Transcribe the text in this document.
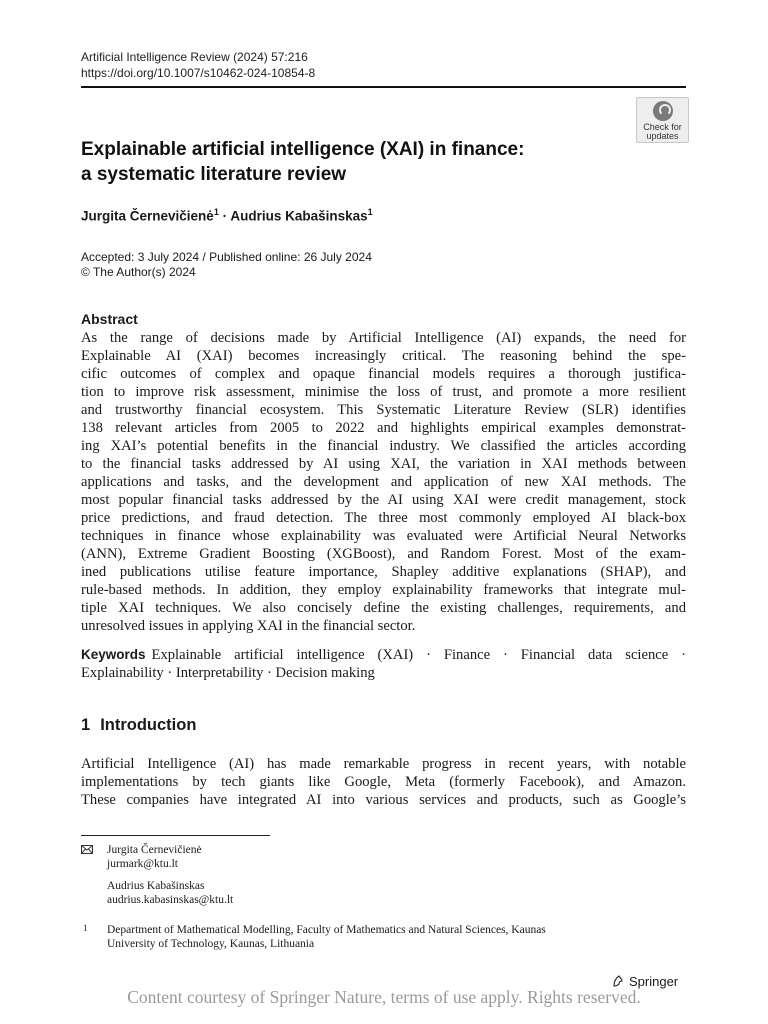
Artificial Intelligence Review (2024) 57:216
https://doi.org/10.1007/s10462-024-10854-8
Check for
updates
Explainable artificial intelligence (XAI) in finance:
a systematic literature review
Jurgita Černevičienė$^1$ · Audrius Kabašinskas$^1$
Accepted: 3 July 2024 / Published online: 26 July 2024
© The Author(s) 2024
Abstract
As the range of decisions made by Artificial Intelligence (AI) expands, the need for
Explainable AI (XAI) becomes increasingly critical. The reasoning behind the spe-
cific outcomes of complex and opaque financial models requires a thorough justifica-
tion to improve risk assessment, minimise the loss of trust, and promote a more resilient
and trustworthy financial ecosystem. This Systematic Literature Review (SLR) identifies
138 relevant articles from 2005 to 2022 and highlights empirical examples demonstrat-
ing XAI’s potential benefits in the financial industry. We classified the articles according
to the financial tasks addressed by AI using XAI, the variation in XAI methods between
applications and tasks, and the development and application of new XAI methods. The
most popular financial tasks addressed by the AI using XAI were credit management, stock
price predictions, and fraud detection. The three most commonly employed AI black-box
techniques in finance whose explainability was evaluated were Artificial Neural Networks
(ANN), Extreme Gradient Boosting (XGBoost), and Random Forest. Most of the exam-
ined publications utilise feature importance, Shapley additive explanations (SHAP), and
rule-based methods. In addition, they employ explainability frameworks that integrate mul-
tiple XAI techniques. We also concisely define the existing challenges, requirements, and
unresolved issues in applying XAI in the financial sector.
Keywords Explainable artificial intelligence (XAI) · Finance · Financial data science ·
Explainability · Interpretability · Decision making
1 Introduction
Artificial Intelligence (AI) has made remarkable progress in recent years, with notable
implementations by tech giants like Google, Meta (formerly Facebook), and Amazon.
These companies have integrated AI into various services and products, such as Google’s
Jurgita Černevičienė
jurmark@ktu.lt
Audrius Kabašinskas
audrius.kabasinskas@ktu.lt
1 Department of Mathematical Modelling, Faculty of Mathematics and Natural Sciences, Kaunas
University of Technology, Kaunas, Lithuania
Springer
Content courtesy of Springer Nature, terms of use apply. Rights reserved.
